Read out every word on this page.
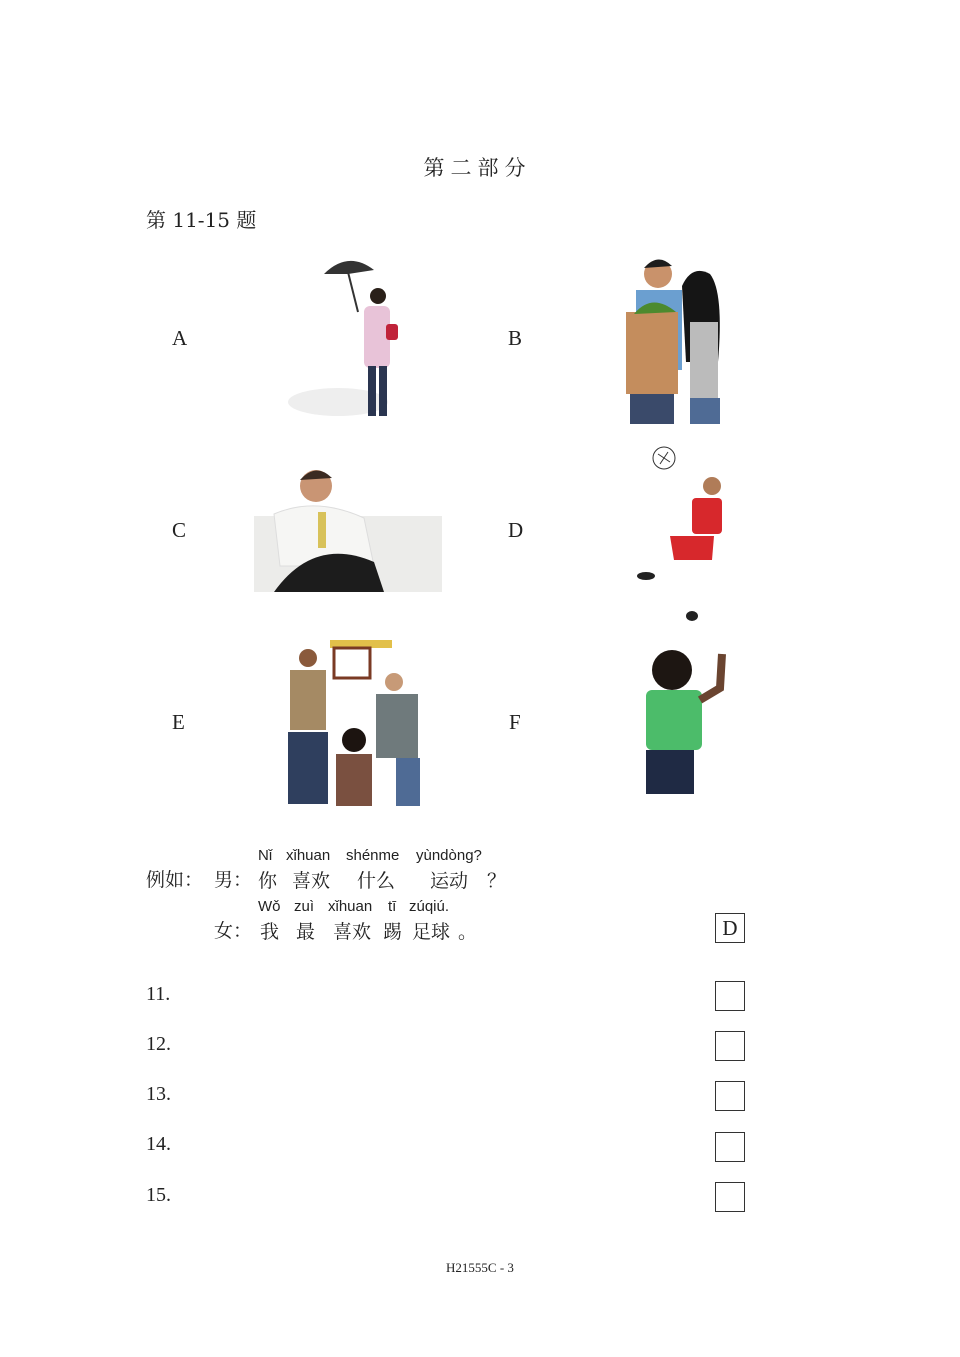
第二部分
第 11-15 题
A	B
C	D
E	F
例如： 男：
女：
Nǐ xǐhuan shénme yùndòng?
你 喜欢 什么 运动 ？
Wǒ zuì xǐhuan tī zúqiú.
我 最 喜欢 踢 足球 。	D
11.
12.
13.
14.
15.
H21555C - 3
